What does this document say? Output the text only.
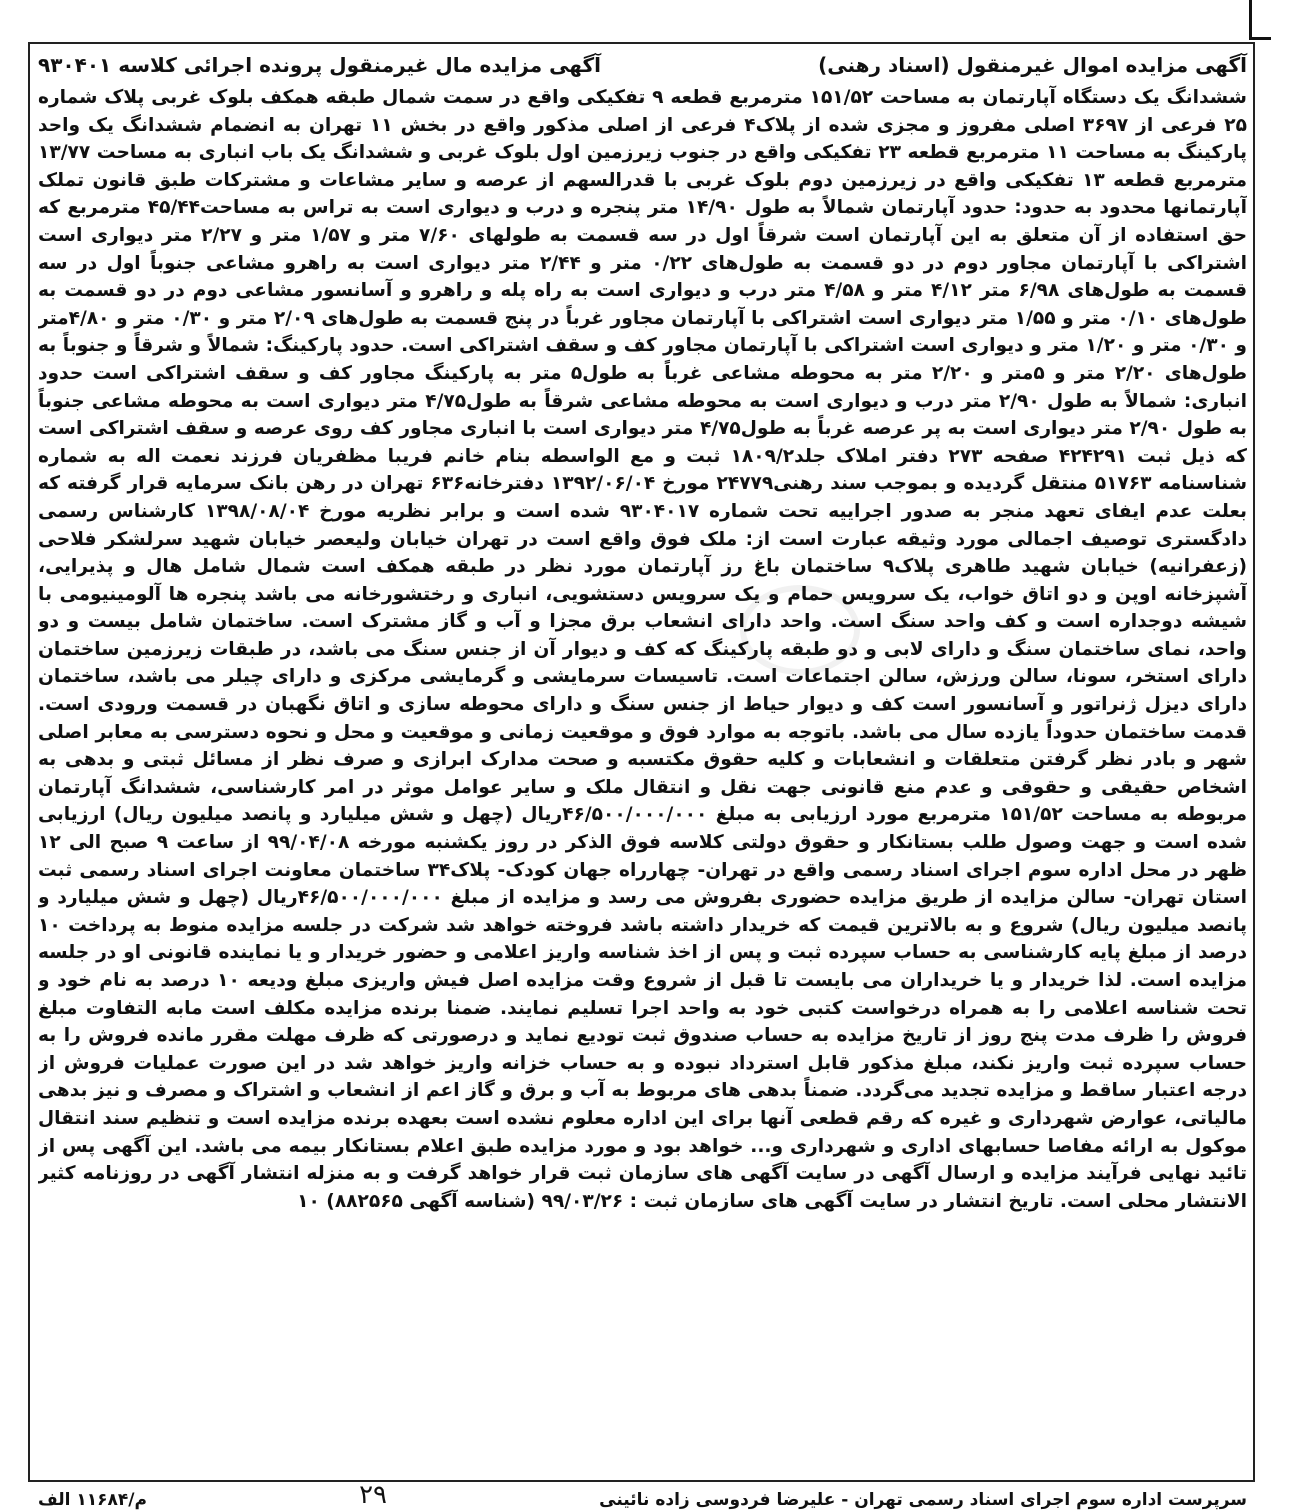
آگهی مزایده اموال غیرمنقول (اسناد رهنی)
آگهی مزایده مال غیرمنقول پرونده اجرائی کلاسه ۹۳۰۴۰۱

ششدانگ یک دستگاه آپارتمان به مساحت ۱۵۱/۵۲ مترمربع قطعه ۹ تفکیکی واقع در سمت شمال طبقه همکف بلوک غربی پلاک شماره ۲۵ فرعی از ۳۶۹۷ اصلی مفروز و مجزی شده از پلاک۴ فرعی از اصلی مذکور واقع در بخش ۱۱ تهران به انضمام ششدانگ یک واحد پارکینگ به مساحت ۱۱ مترمربع قطعه ۲۳ تفکیکی واقع در جنوب زیرزمین اول بلوک غربی و ششدانگ یک باب انباری به مساحت ۱۳/۷۷ مترمربع قطعه ۱۳ تفکیکی واقع در زیرزمین دوم بلوک غربی با قدرالسهم از عرصه و سایر مشاعات و مشترکات طبق قانون تملک آپارتمانها محدود به حدود: حدود آپارتمان شمالاً به طول ۱۴/۹۰ متر پنجره و درب و دیواری است به تراس به مساحت۴۵/۴۴ مترمربع که حق استفاده از آن متعلق به این آپارتمان است شرقاً اول در سه قسمت به طولهای ۷/۶۰ متر و ۱/۵۷ متر و ۲/۲۷ متر دیواری است اشتراکی با آپارتمان مجاور دوم در دو قسمت به طول‌های ۰/۲۲ متر و ۲/۴۴ متر دیواری است به راهرو مشاعی جنوباً اول در سه قسمت به طول‌های ۶/۹۸ متر ۴/۱۲ متر و ۴/۵۸ متر درب و دیواری است به راه پله و راهرو و آسانسور مشاعی دوم در دو قسمت به طول‌های ۰/۱۰ متر و ۱/۵۵ متر دیواری است اشتراکی با آپارتمان مجاور غرباً در پنج قسمت به طول‌های ۲/۰۹ متر و ۰/۳۰ متر و ۴/۸۰متر و ۰/۳۰ متر و ۱/۲۰ متر و دیواری است اشتراکی با آپارتمان مجاور کف و سقف اشتراکی است. حدود پارکینگ: شمالاً و شرقاً و جنوباً به طول‌های ۲/۲۰ متر و ۵متر و ۲/۲۰ متر به محوطه مشاعی غرباً به طول۵ متر به پارکینگ مجاور کف و سقف اشتراکی است حدود انباری: شمالاً به طول ۲/۹۰ متر درب و دیواری است به محوطه مشاعی شرقاً به طول۴/۷۵ متر دیواری است به محوطه مشاعی جنوباً به طول ۲/۹۰ متر دیواری است به پر عرصه غرباً به طول۴/۷۵ متر دیواری است با انباری مجاور کف روی عرصه و سقف اشتراکی است که ذیل ثبت ۴۲۴۲۹۱ صفحه ۲۷۳ دفتر املاک جلد۱۸۰۹/۲ ثبت و مع الواسطه بنام خانم فریبا مظفریان فرزند نعمت اله به شماره شناسنامه ۵۱۷۶۳ منتقل گردیده و بموجب سند رهنی۲۴۷۷۹ مورخ ۱۳۹۲/۰۶/۰۴ دفترخانه۶۳۶ تهران در رهن بانک سرمایه قرار گرفته که بعلت عدم ایفای تعهد منجر به صدور اجراییه تحت شماره ۹۳۰۴۰۱۷ شده است و برابر نظریه مورخ ۱۳۹۸/۰۸/۰۴ کارشناس رسمی دادگستری توصیف اجمالی مورد وثیقه عبارت است از: ملک فوق واقع است در تهران خیابان ولیعصر خیابان شهید سرلشکر فلاحی (زعفرانیه) خیابان شهید طاهری پلاک۹ ساختمان باغ رز آپارتمان مورد نظر در طبقه همکف است شمال شامل هال و پذیرایی، آشپزخانه اوپن و دو اتاق خواب، یک سرویس حمام و یک سرویس دستشویی، انباری و رختشورخانه می باشد پنجره ها آلومینیومی با شیشه دوجداره است و کف واحد سنگ است. واحد دارای انشعاب برق مجزا و آب و گاز مشترک است. ساختمان شامل بیست و دو واحد، نمای ساختمان سنگ و دارای لابی و دو طبقه پارکینگ که کف و دیوار آن از جنس سنگ می باشد، در طبقات زیرزمین ساختمان دارای استخر، سونا، سالن ورزش، سالن اجتماعات است. تاسیسات سرمایشی و گرمایشی مرکزی و دارای چیلر می باشد، ساختمان دارای دیزل ژنراتور و آسانسور است کف و دیوار حیاط از جنس سنگ و دارای محوطه سازی و اتاق نگهبان در قسمت ورودی است. قدمت ساختمان حدوداً یازده سال می باشد. باتوجه به موارد فوق و موقعیت زمانی و موقعیت و محل و نحوه دسترسی به معابر اصلی شهر و بادر نظر گرفتن متعلقات و انشعابات و کلیه حقوق مکتسبه و صحت مدارک ابرازی و صرف نظر از مسائل ثبتی و بدهی به اشخاص حقیقی و حقوقی و عدم منع قانونی جهت نقل و انتقال ملک و سایر عوامل موثر در امر کارشناسی، ششدانگ آپارتمان مربوطه به مساحت ۱۵۱/۵۲ مترمربع مورد ارزیابی به مبلغ ۴۶/۵۰۰/۰۰۰/۰۰۰ریال (چهل و شش میلیارد و پانصد میلیون ریال) ارزیابی شده است و جهت وصول طلب بستانکار و حقوق دولتی کلاسه فوق الذکر در روز یکشنبه مورخه ۹۹/۰۴/۰۸ از ساعت ۹ صبح الی ۱۲ ظهر در محل اداره سوم اجرای اسناد رسمی واقع در تهران- چهارراه جهان کودک- پلاک۳۴ ساختمان معاونت اجرای اسناد رسمی ثبت استان تهران- سالن مزایده از طریق مزایده حضوری بفروش می رسد و مزایده از مبلغ ۴۶/۵۰۰/۰۰۰/۰۰۰ریال (چهل و شش میلیارد و پانصد میلیون ریال) شروع و به بالاترین قیمت که خریدار داشته باشد فروخته خواهد شد شرکت در جلسه مزایده منوط به پرداخت ۱۰ درصد از مبلغ پایه کارشناسی به حساب سپرده ثبت و پس از اخذ شناسه واریز اعلامی و حضور خریدار و یا نماینده قانونی او در جلسه مزایده است. لذا خریدار و یا خریداران می بایست تا قبل از شروع وقت مزایده اصل فیش واریزی مبلغ ودیعه ۱۰ درصد به نام خود و تحت شناسه اعلامی را به همراه درخواست کتبی خود به واحد اجرا تسلیم نمایند. ضمنا برنده مزایده مکلف است مابه التفاوت مبلغ فروش را ظرف مدت پنج روز از تاریخ مزایده به حساب صندوق ثبت تودیع نماید و درصورتی که ظرف مهلت مقرر مانده فروش را به حساب سپرده ثبت واریز نکند، مبلغ مذکور قابل استرداد نبوده و به حساب خزانه واریز خواهد شد در این صورت عملیات فروش از درجه اعتبار ساقط و مزایده تجدید می‌گردد. ضمناً بدهی های مربوط به آب و برق و گاز اعم از انشعاب و اشتراک و مصرف و نیز بدهی مالیاتی، عوارض شهرداری و غیره که رقم قطعی آنها برای این اداره معلوم نشده است بعهده برنده مزایده است و تنظیم سند انتقال موکول به ارائه مفاصا حسابهای اداری و شهرداری و... خواهد بود و مورد مزایده طبق اعلام بستانکار بیمه می باشد. این آگهی پس از تائید نهایی فرآیند مزایده و ارسال آگهی در سایت آگهی های سازمان ثبت قرار خواهد گرفت و به منزله انتشار آگهی در روزنامه کثیر الانتشار محلی است. تاریخ انتشار در سایت آگهی های سازمان ثبت : ۹۹/۰۳/۲۶ (شناسه آگهی ۸۸۲۵۶۵) ۱۰

سرپرست اداره سوم اجرای اسناد رسمی تهران - علیرضا فردوسی زاده نائینی
۲۹
م/۱۱۶۸۴ الف
